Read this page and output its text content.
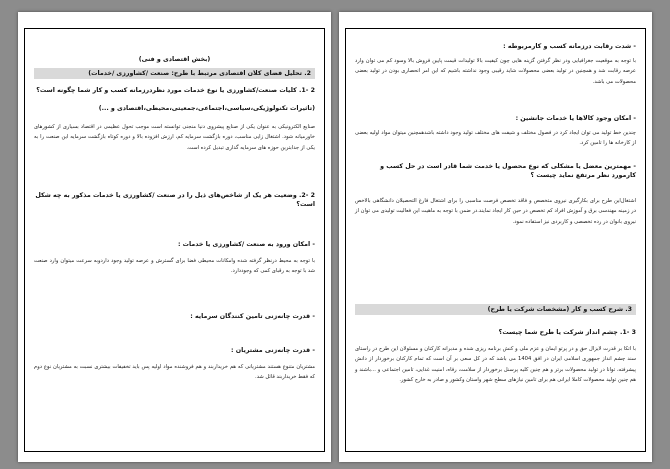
(بخش اقتصادی و فنی)
2. تحلیل فضای کلان اقتصادی مرتبط با طرح: صنعت /کشاورزی /خدمات)
2 -1. کلیات صنعت/کشاورزی یا نوع خدمات مورد نظردرزمانه کسب و کار شما چگونه است؟
(تاثیرات تکنولوژیکی،سیاسی،اجتماعی،جمعیتی،محیطی،اقتصادی و ...)
صنایع الکترونیکی به عنوان یکی از صنایع پیشروی دنیا منجنی توانسته است موجب تحول عظیمی در اقتصاد بسیاری از کشورهای خاورمیانه شود. اشتغال زایی مناسب، دوره بازگشت سرمایه کم، ارزش افزوده بالا و دوره کوتاه بازگشت سرمایه این صنعت را به یکی از جذابترین حوزه های سرمایه گذاری تبدیل کرده است.
2 -2. وضعیت هر یک از شاخص‌های ذیل را در صنعت /کشاورزی یا خدمات مذکور به چه شکل است؟
- امکان ورود به صنعت /کشاورزی یا خدمات :
با توجه به محیط درنظر گرفته شده وامکانات محیطی فضا برای گسترش و عرصه تولید وجود داردوبه سرعت میتوان وارد صنعت شد با توجه به رقبای کمی که وجوددارد.
- قدرت چانه‌زنی تامین کنندگان سرمایه :
- قدرت چانه‌زنی مشتریان :
مشتریان متنوع هستند مشتریانی که هم خریداربند و هم فروشنده مواد اولیه پس باید تخفیفات بیشتری نسبت به مشتریان نوع دوم که فقط خریداربند قائل شد.
- شدت رقابت درزمانه کسب و کارمربوطه :
با توجه به موقعیت جغرافیایی ودر نظر گرفتن گزینه هایی چون کیفیت بالا تولیدات قیمت پایین فروش بالا وسود کم می توان وارد عرصه رقابت شد و همچنین در تولید بعضی محصولات شاید رقیبی وجود نداشته باشیم که این امر انحصاری بودن در تولید بعضی محصولات می باشد.
- امکان وجود کالاها یا خدمات جانشین :
چندین خط تولید می توان ایجاد کرد در فصول مختلف و شیفت های مختلف تولید وجود داشته باشدهمچنین میتوان مواد اولیه بعضی از کارخانه ها را تامین کرد.
- مهمترین معضل یا مشکلی که نوع محصول یا خدمت شما قادر است در حل کسب و کارمورد نظر مرتفع نماید چیست ؟
اشتغال‌این طرح برای بکارگیری نیروی متخصص و فاقد تخصص فرصت مناسبی را برای اشتغال فارغ التحصیلان دانشگاهی بالاخص در زمینه مهندسی برق و آموزش افراد کم تخصص در حین کار ایجاد نمایند.در ضمن با توجه به ماهیت این فعالیت تولیدی می توان از نیروی بانوان در رده تخصصی و کاربردی نیز استفاده نمود.
3. شرح کسب و کار (مشخصات شرکت یا طرح)
3 -1. چشم انداز شرکت یا طرح شما چیست؟
با اتکا بر قدرت لایزال حق و در پرتو ایمان و عزم ملی و کنش برنامه ریزی شده و مدبرانه کارکنان و مسئولان این طرح در راستای سند چشم انداز جمهوری اسلامی ایران در افق 1404 می باشد که در کل سعی بر آن است که تمام کارکنان برخوردار از دانش پیشرفته، توانا در تولید محصولات برتر و هم چنین کلیه پرسنل برخوردار از سلامت، رفاه، امنیت غذایی، تامین اجتماعی و ...باشند و هم چنین تولید محصولات کاملا ایرانی هم برای تامین نیازهای سطح شهر واستان وکشور و صادر به خارج کشور.
